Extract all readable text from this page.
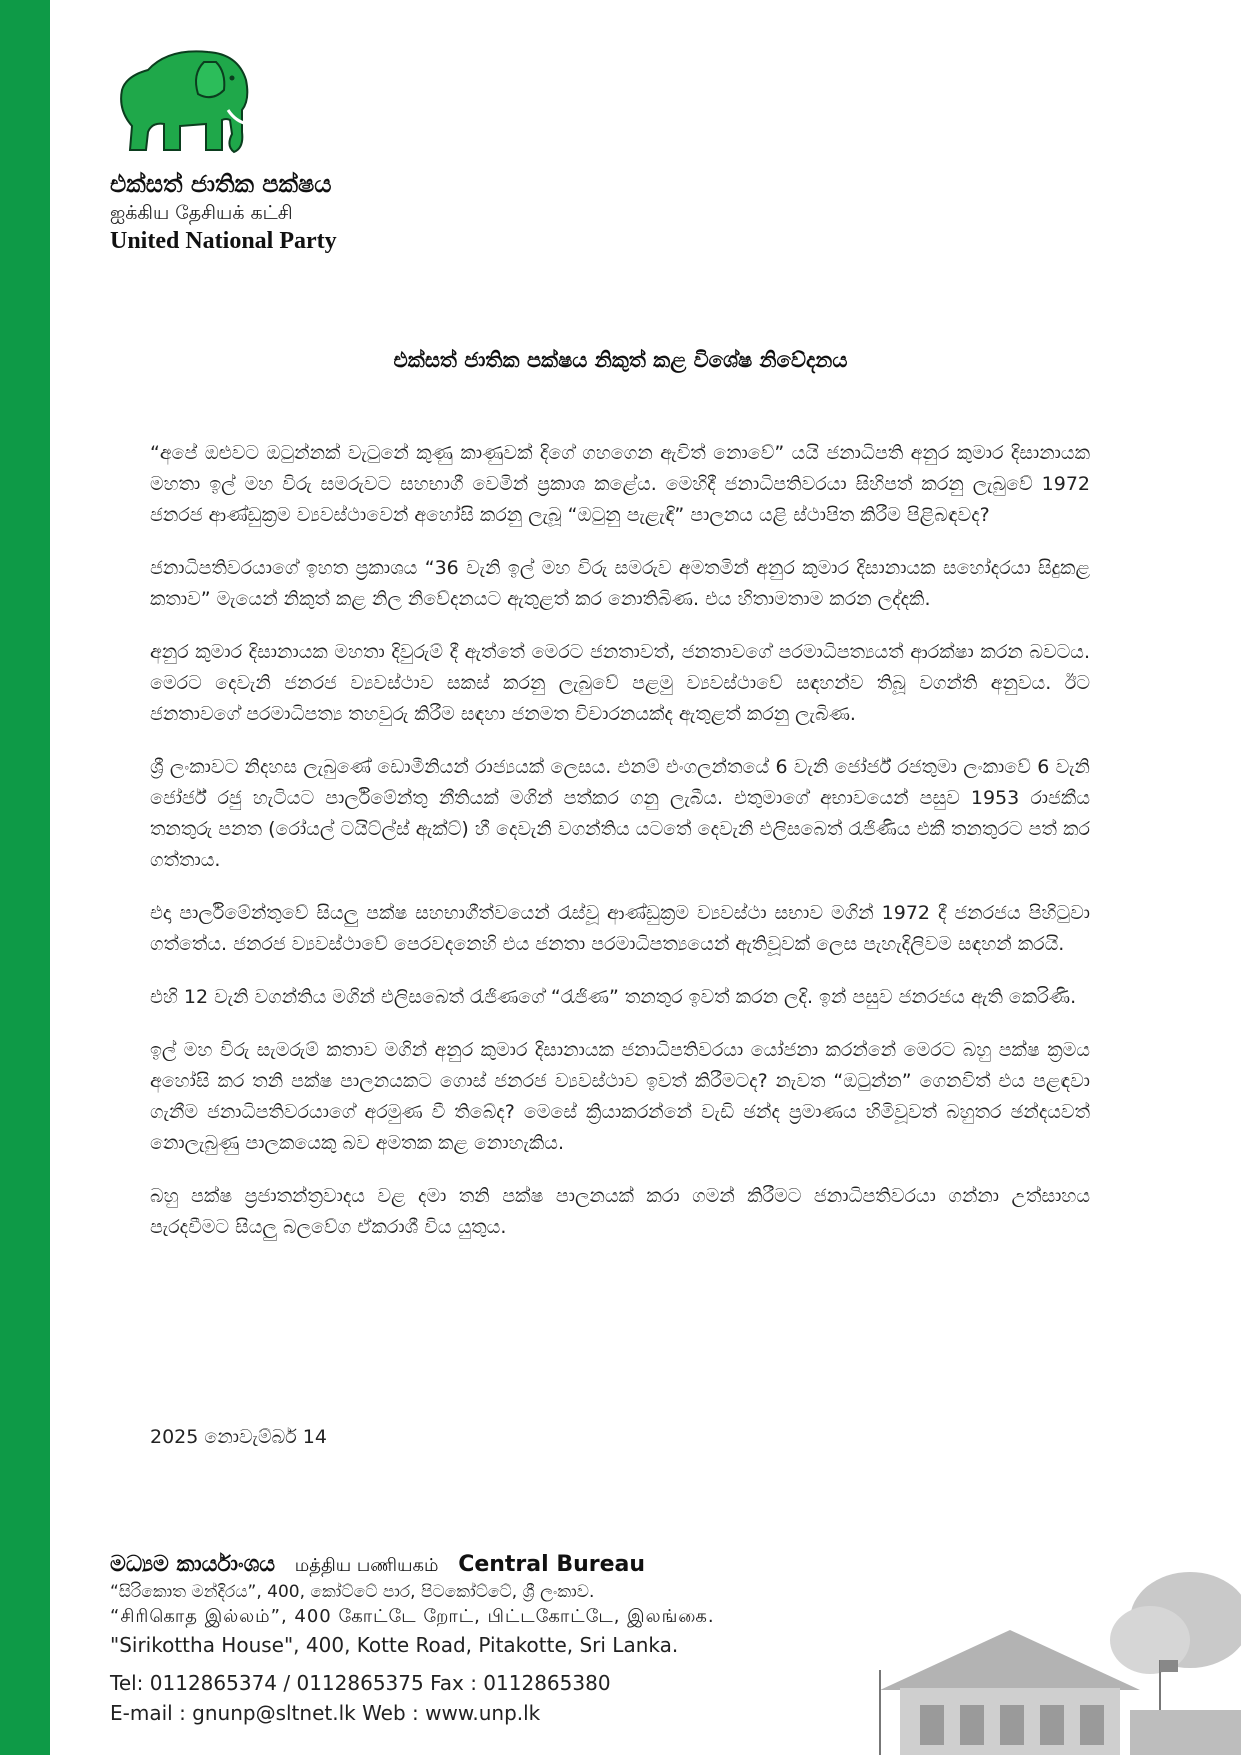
එක්සත් ජාතික පක්ෂය
ஐக்கிய தேசியக் கட்சி
United National Party
එක්සත් ජාතික පක්ෂය නිකුත් කළ විශේෂ නිවේදනය

“අපේ ඔළුවට ඔටුන්නක් වැටුනේ කුණු කාණුවක් දිගේ ගහගෙන ඇවිත් නොවේ” යයි ජනාධිපති අනුර කුමාර දිසානායක මහතා ඉල් මහ විරු සමරුවට සහභාගී වෙමින් ප්‍රකාශ කළේය. මෙහිදී ජනාධිපතිවරයා සිහිපත් කරනු ලැබුවේ 1972 ජනරජ ආණ්ඩුක්‍රම ව්‍යවස්ථාවෙන් අහෝසි කරනු ලැබූ “ඔටුනු පැළැඳි” පාලනය යළි ස්ථාපිත කිරීම පිළිබඳවද?

ජනාධිපතිවරයාගේ ඉහත ප්‍රකාශය “36 වැනි ඉල් මහ විරු සමරුව අමතමින් අනුර කුමාර දිසානායක සහෝදරයා සිදුකළ කතාව” මැයෙන් නිකුත් කළ නිල නිවේදනයට ඇතුළත් කර නොතිබිණ. එය හිතාමතාම කරන ලද්දකි.

අනුර කුමාර දිසානායක මහතා දිවුරුම් දී ඇත්තේ මෙරට ජනතාවත්, ජනතාවගේ පරමාධිපත්‍යයත් ආරක්ෂා කරන බවටය. මෙරට දෙවැනි ජනරජ ව්‍යවස්ථාව සකස් කරනු ලැබුවේ පළමු ව්‍යවස්ථාවේ සඳහන්ව තිබූ වගන්ති අනුවය. ඊට ජනතාවගේ පරමාධිපත්‍ය තහවුරු කිරීම සඳහා ජනමත විචාරනයක්ද ඇතුළත් කරනු ලැබිණ.

ශ්‍රී ලංකාවට නිදහස ලැබුණේ ඩොමීනියන් රාජ්‍යයක් ලෙසය. එනම් එංගලන්තයේ 6 වැනි ජෝර්ජ් රජතුමා ලංකාවේ 6 වැනි ජෝර්ජ් රජු හැටියට පාර්ලිමේන්තු නීතියක් මගින් පත්කර ගනු ලැබීය. එතුමාගේ අභාවයෙන් පසුව 1953 රාජකීය තනතුරු පනත (රෝයල් ටයිට්ල්ස් ඇක්ට්) හී දෙවැනි වගන්තිය යටතේ දෙවැනි එලිසබෙත් රැජිණිය එකී තනතුරට පත් කර ගත්තාය.

එදා පාර්ලිමේන්තුවේ සියලු පක්ෂ සහභාගීත්වයෙන් රැස්වූ ආණ්ඩුක්‍රම ව්‍යවස්ථා සභාව මගින් 1972 දී ජනරජය පිහිටුවා ගත්තේය. ජනරජ ව්‍යවස්ථාවේ පෙරවදනෙහි එය ජනතා පරමාධිපත්‍යයෙන් ඇතිවූවක් ලෙස පැහැදිලිවම සඳහන් කරයි.

එහි 12 වැනි වගන්තිය මගින් එලිසබෙත් රැජිණගේ “රැජිණ” තනතුර ඉවත් කරන ලදි. ඉන් පසුව ජනරජය ඇති කෙරිණි.

ඉල් මහ විරු සැමරුම් කතාව මගින් අනුර කුමාර දිසානායක ජනාධිපතිවරයා යෝජනා කරන්නේ මෙරට බහු පක්ෂ ක්‍රමය අහෝසි කර තනි පක්ෂ පාලනයකට ගොස් ජනරජ ව්‍යවස්ථාව ඉවත් කිරීමටද? නැවත “ඔටුන්න” ගෙනවිත් එය පළඳවා ගැනීම ජනාධිපතිවරයාගේ අරමුණ වී තිබේද? මෙසේ ක්‍රියාකරන්නේ වැඩි ඡන්ද ප්‍රමාණය හිමිවූවත් බහුතර ඡන්දයවත් නොලැබුණු පාලකයෙකු බව අමතක කළ නොහැකිය.

බහු පක්ෂ ප්‍රජාතන්ත්‍රවාදය වළ දමා තනි පක්ෂ පාලනයක් කරා ගමන් කිරීමට ජනාධිපතිවරයා ගන්නා උත්සාහය පැරදවීමට සියලු බලවේග ඒකරාශී විය යුතුය.

2025 නොවැම්බර් 14
මධ්‍යම කාර්යාංශය மத்திய பணியகம் Central Bureau
“සිරිකොත මන්දිරය”, 400, කෝට්ටේ පාර, පිටකෝට්ටේ, ශ්‍රී ලංකාව.
“சிரிகொத இல்லம்”, 400 கோட்டே றோட், பிட்டகோட்டே, இலங்கை.
"Sirikottha House", 400, Kotte Road, Pitakotte, Sri Lanka.
Tel: 0112865374 / 0112865375 Fax : 0112865380
E-mail : gnunp@sltnet.lk Web : www.unp.lk
